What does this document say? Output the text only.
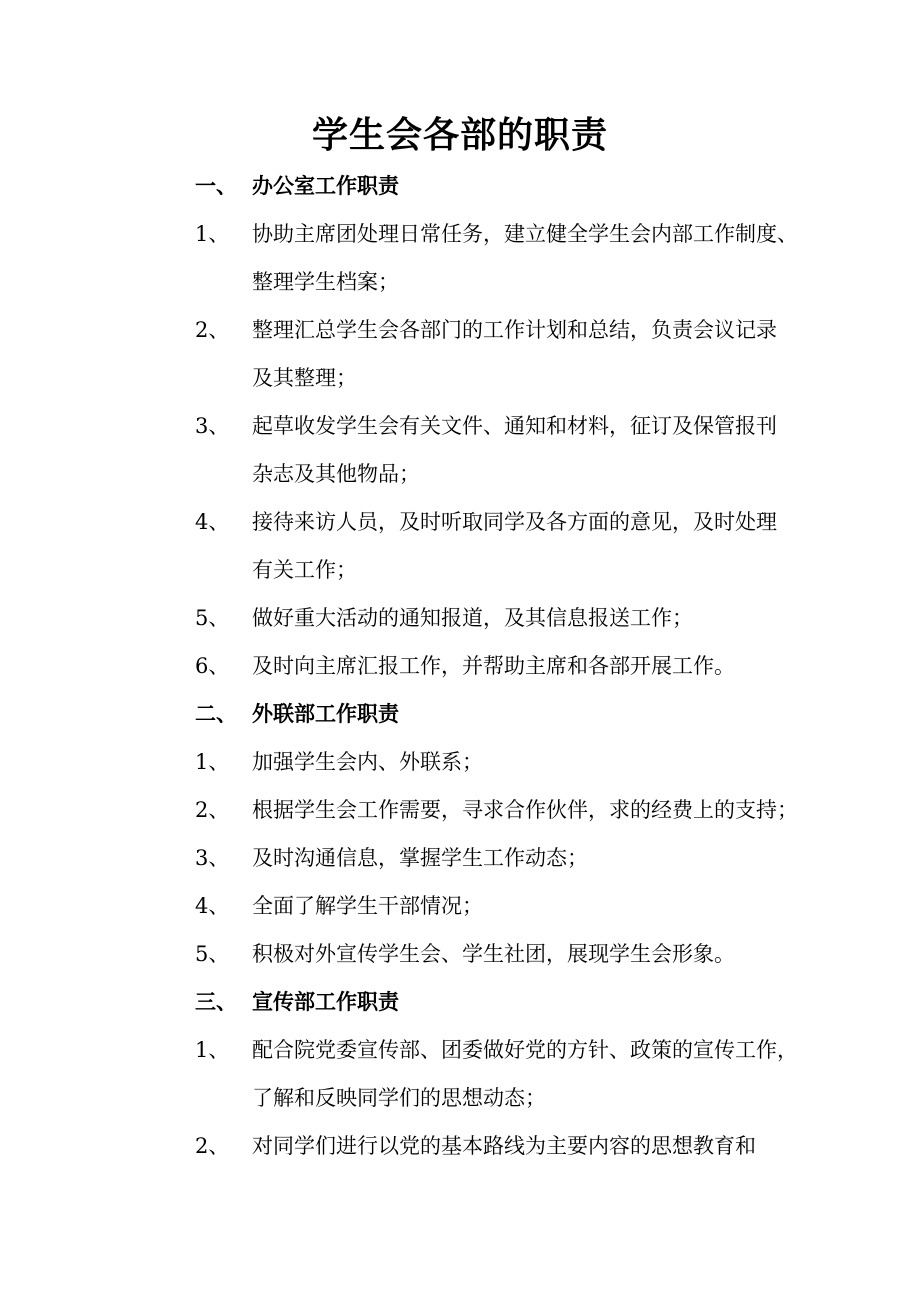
学生会各部的职责

一、 办公室工作职责

1、 协助主席团处理日常任务，建立健全学生会内部工作制度、

整理学生档案；

2、 整理汇总学生会各部门的工作计划和总结，负责会议记录

及其整理；

3、 起草收发学生会有关文件、通知和材料，征订及保管报刊

杂志及其他物品；

4、 接待来访人员，及时听取同学及各方面的意见，及时处理

有关工作；

5、 做好重大活动的通知报道，及其信息报送工作；

6、 及时向主席汇报工作，并帮助主席和各部开展工作。

二、 外联部工作职责

1、 加强学生会内、外联系；

2、 根据学生会工作需要，寻求合作伙伴，求的经费上的支持；

3、 及时沟通信息，掌握学生工作动态；

4、 全面了解学生干部情况；

5、 积极对外宣传学生会、学生社团，展现学生会形象。

三、 宣传部工作职责

1、 配合院党委宣传部、团委做好党的方针、政策的宣传工作，

了解和反映同学们的思想动态；

2、 对同学们进行以党的基本路线为主要内容的思想教育和
